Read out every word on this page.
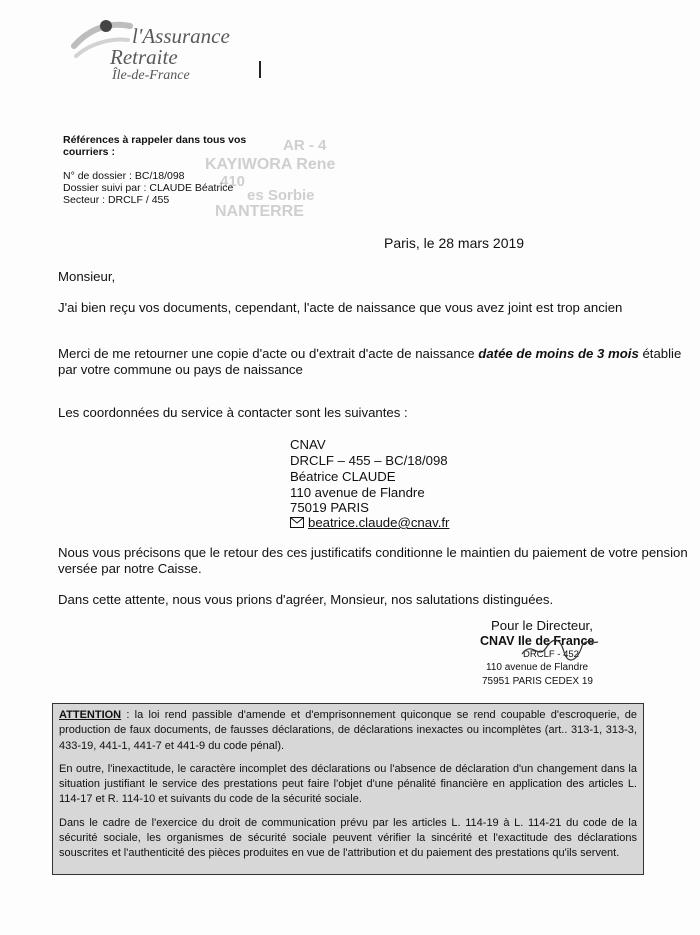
l'Assurance
Retraite
Île-de-France
AR - 4
KAYIWORA Rene
410
es Sorbie
NANTERRE
Références à rappeler dans tous vos
courriers :
N° de dossier : BC/18/098
Dossier suivi par : CLAUDE Béatrice
Secteur : DRCLF / 455
Paris, le 28 mars 2019
Monsieur,
J'ai bien reçu vos documents, cependant, l'acte de naissance que vous avez joint est trop ancien
Merci de me retourner une copie d'acte ou d'extrait d'acte de naissance datée de moins de 3 mois établie
par votre commune ou pays de naissance
Les coordonnées du service à contacter sont les suivantes :
CNAV
DRCLF – 455 – BC/18/098
Béatrice CLAUDE
110 avenue de Flandre
75019 PARIS
beatrice.claude@cnav.fr
Nous vous précisons que le retour des ces justificatifs conditionne le maintien du paiement de votre pension
versée par notre Caisse.
Dans cette attente, nous vous prions d'agréer, Monsieur, nos salutations distinguées.
Pour le Directeur,
CNAV Ile de France
DRCLF - 452
110 avenue de Flandre
75951 PARIS CEDEX 19

ATTENTION : la loi rend passible d'amende et d'emprisonnement quiconque se rend coupable d'escroquerie, de production de faux documents, de fausses déclarations, de déclarations inexactes ou incomplètes (art.. 313-1, 313-3, 433-19, 441-1, 441-7 et 441-9 du code pénal).

En outre, l'inexactitude, le caractère incomplet des déclarations ou l'absence de déclaration d'un changement dans la situation justifiant le service des prestations peut faire l'objet d'une pénalité financière en application des articles L. 114-17 et R. 114-10 et suivants du code de la sécurité sociale.

Dans le cadre de l'exercice du droit de communication prévu par les articles L. 114-19 à L. 114-21 du code de la sécurité sociale, les organismes de sécurité sociale peuvent vérifier la sincérité et l'exactitude des déclarations souscrites et l'authenticité des pièces produites en vue de l'attribution et du paiement des prestations qu'ils servent.
